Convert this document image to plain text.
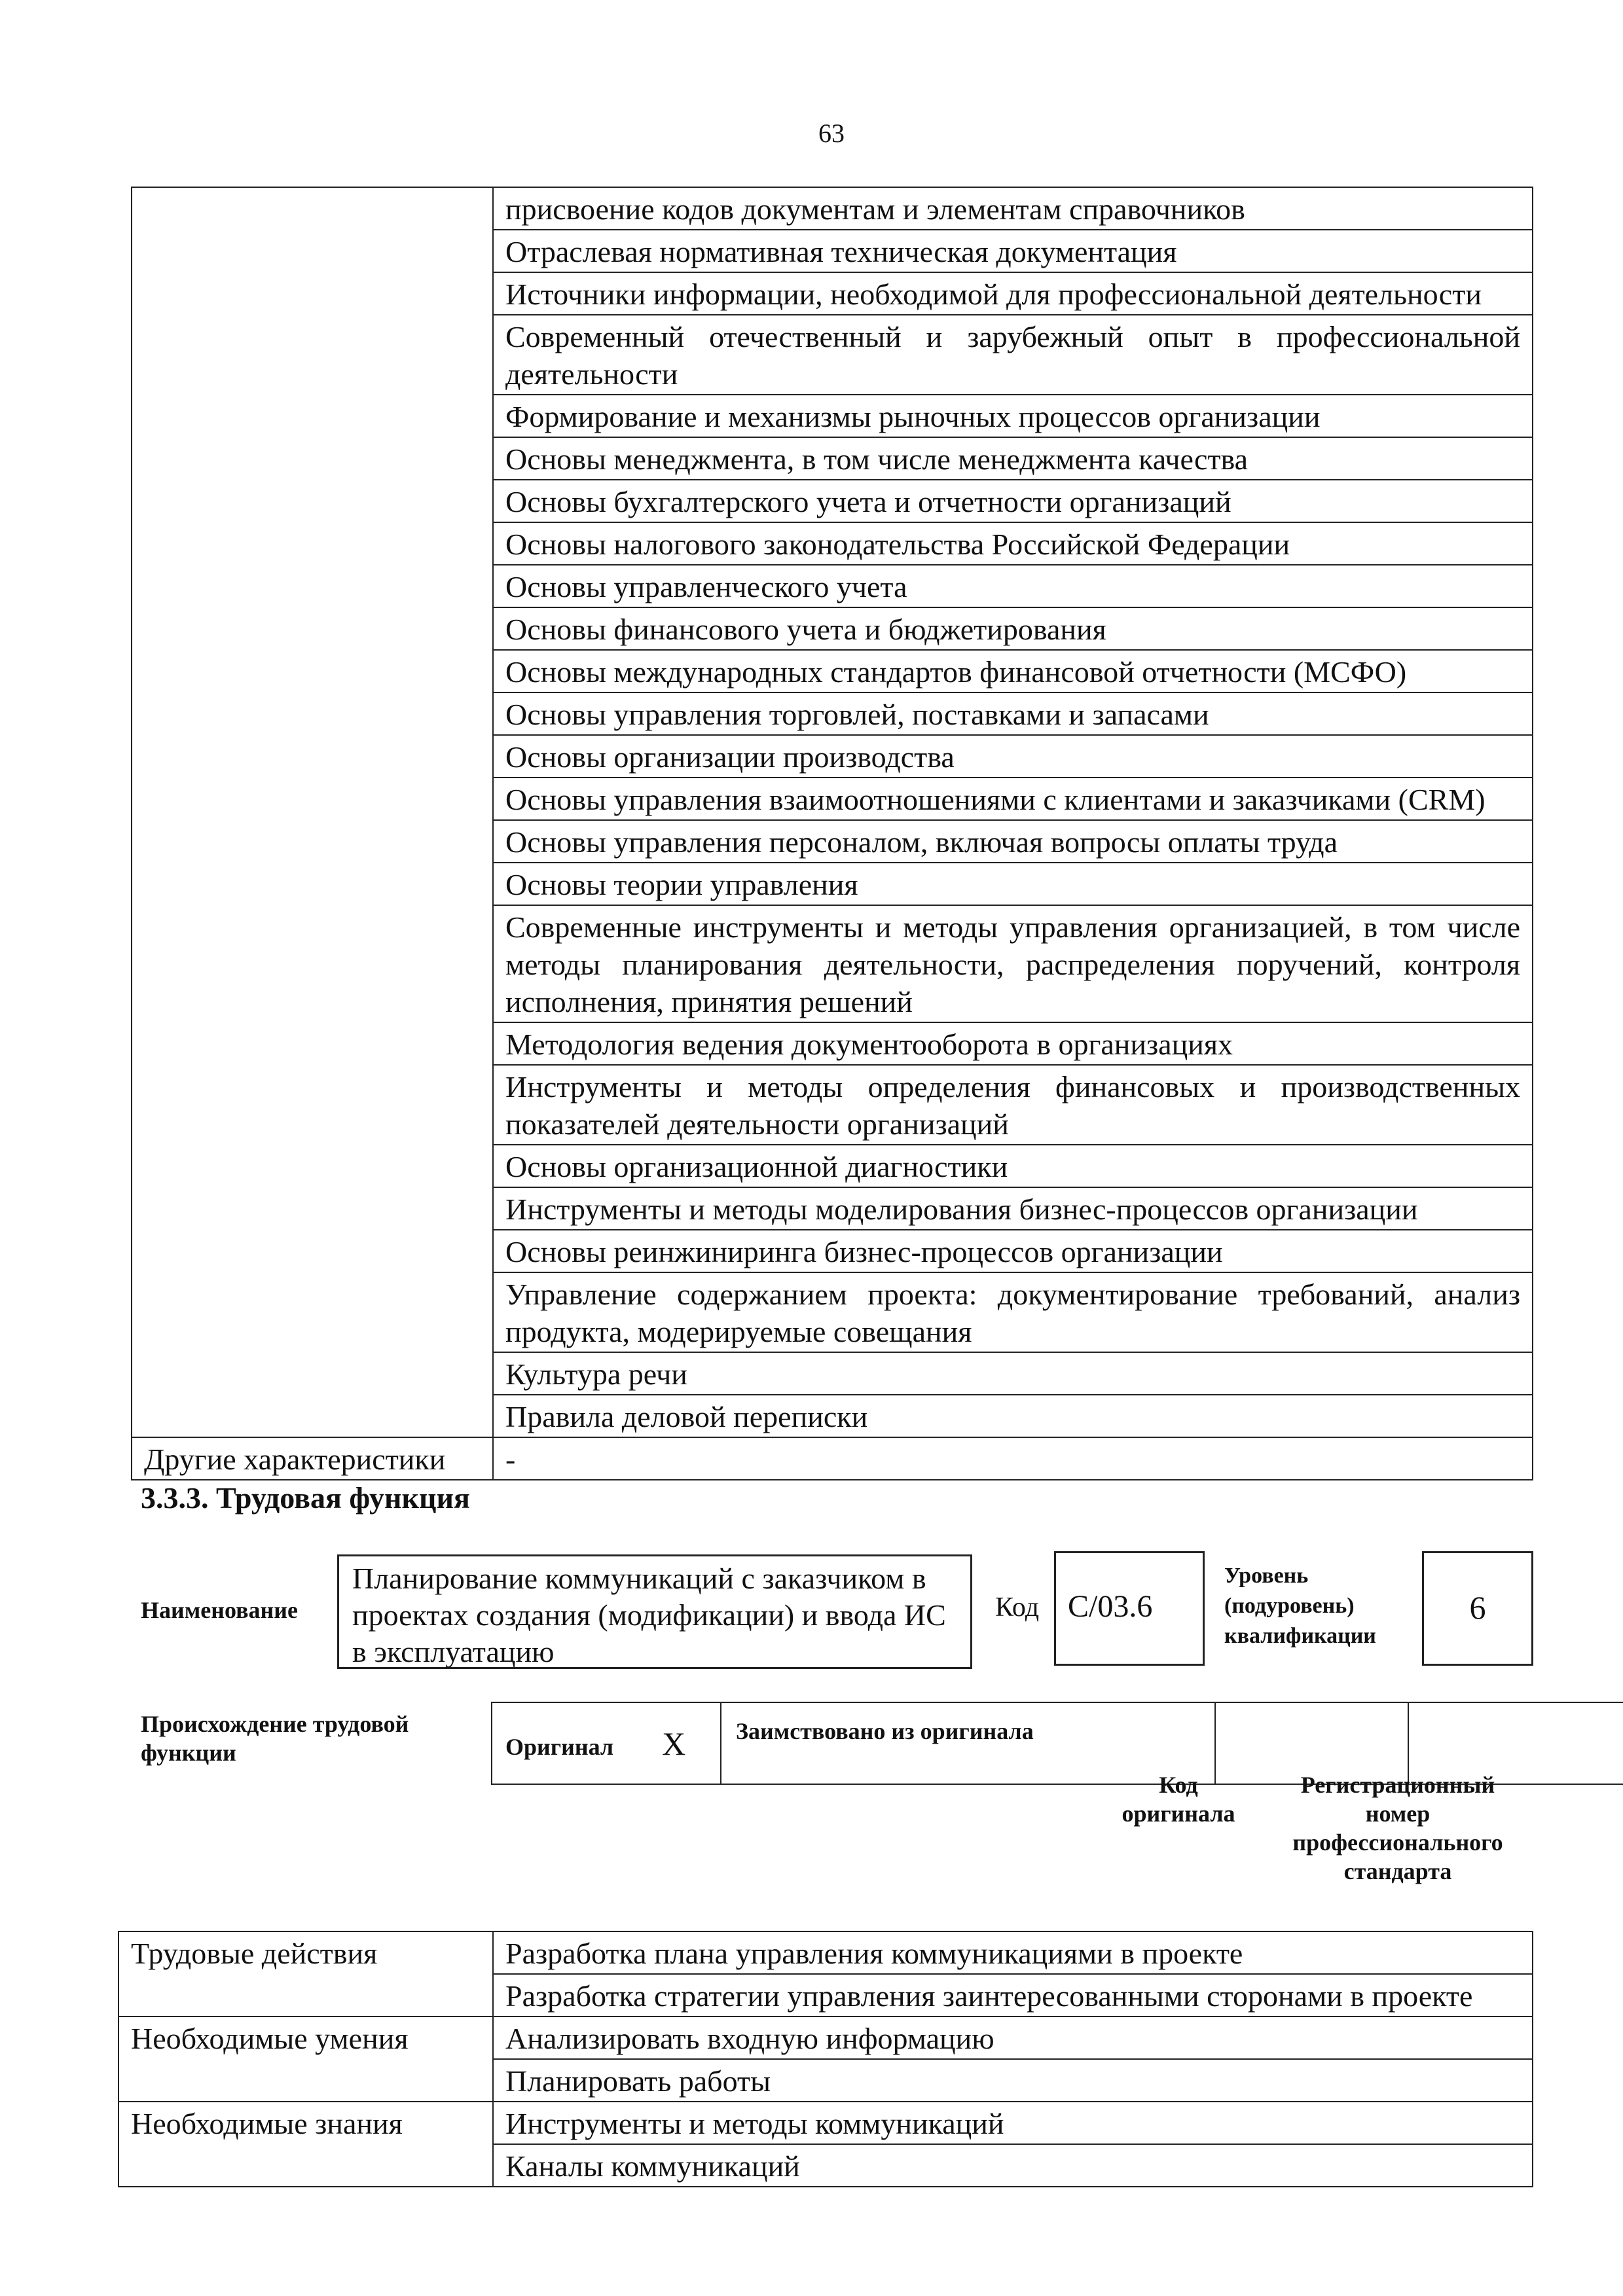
63
	присвоение кодов документам и элементам справочников
	Отраслевая нормативная техническая документация
	Источники информации, необходимой для профессиональной деятельности
	Современный отечественный и зарубежный опыт в профессиональной деятельности
	Формирование и механизмы рыночных процессов организации
	Основы менеджмента, в том числе менеджмента качества
	Основы бухгалтерского учета и отчетности организаций
	Основы налогового законодательства Российской Федерации
	Основы управленческого учета
	Основы финансового учета и бюджетирования
	Основы международных стандартов финансовой отчетности (МСФО)
	Основы управления торговлей, поставками и запасами
	Основы организации производства
	Основы управления взаимоотношениями с клиентами и заказчиками (CRM)
	Основы управления персоналом, включая вопросы оплаты труда
	Основы теории управления
	Современные инструменты и методы управления организацией, в том числе методы планирования деятельности, распределения поручений, контроля исполнения, принятия решений
	Методология ведения документооборота в организациях
	Инструменты и методы определения финансовых и производственных показателей деятельности организаций
	Основы организационной диагностики
	Инструменты и методы моделирования бизнес-процессов организации
	Основы реинжиниринга бизнес-процессов организации
	Управление содержанием проекта: документирование требований, анализ продукта, модерируемые совещания
	Культура речи
	Правила деловой переписки
Другие характеристики	-
3.3.3. Трудовая функция
Наименование
Планирование коммуникаций с заказчиком в проектах создания (модификации) и ввода ИС в эксплуатацию
Код С/03.6
Уровень (подуровень) квалификации
6
Происхождение трудовой функции	Оригинал X	Заимствовано из оригинала		
Код оригинала
Регистрационный номер профессионального стандарта
Трудовые действия	Разработка плана управления коммуникациями в проекте
	Разработка стратегии управления заинтересованными сторонами в проекте
Необходимые умения	Анализировать входную информацию
	Планировать работы
Необходимые знания	Инструменты и методы коммуникаций
	Каналы коммуникаций
